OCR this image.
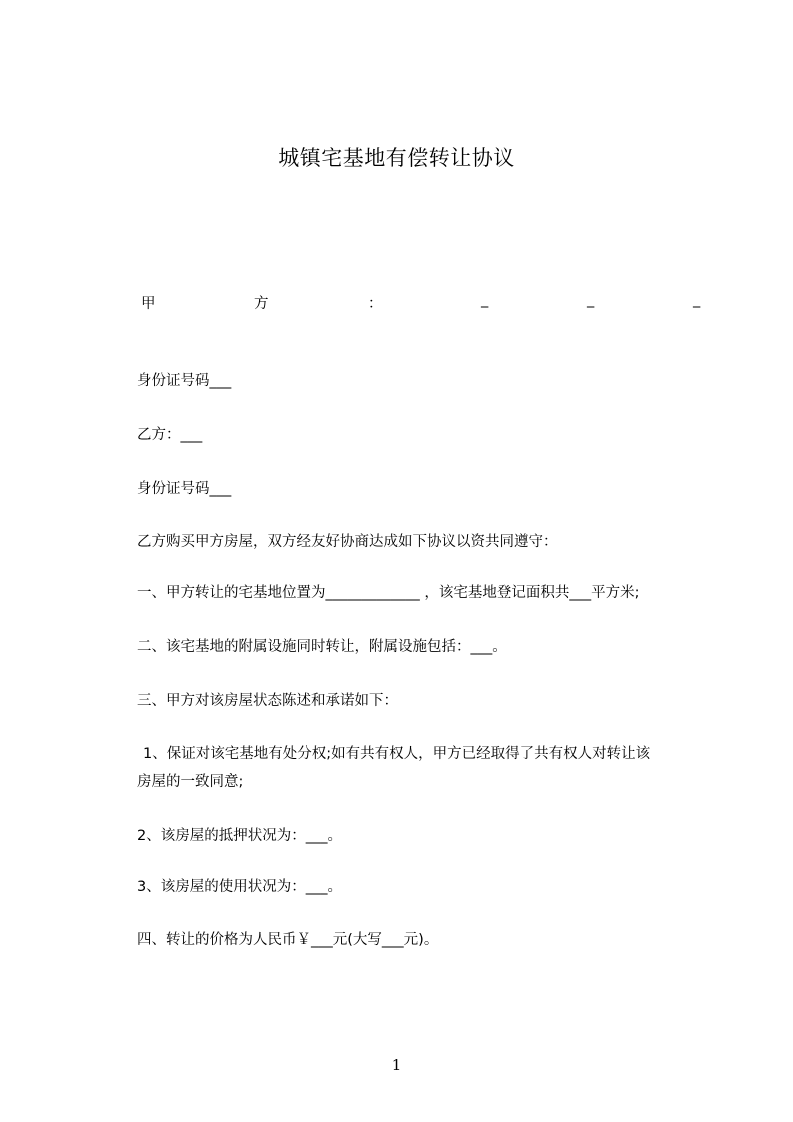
城镇宅基地有偿转让协议
甲	方	：	_	_	_
身份证号码___
乙方：___
身份证号码___
乙方购买甲方房屋，双方经友好协商达成如下协议以资共同遵守：
一、甲方转让的宅基地位置为_____________ ，该宅基地登记面积共___平方米;
二、该宅基地的附属设施同时转让，附属设施包括：___。
三、甲方对该房屋状态陈述和承诺如下：
1、保证对该宅基地有处分权;如有共有权人，甲方已经取得了共有权人对转让该
房屋的一致同意;
2、该房屋的抵押状况为：___。
3、该房屋的使用状况为：___。
四、转让的价格为人民币￥___元(大写___元)。
1
